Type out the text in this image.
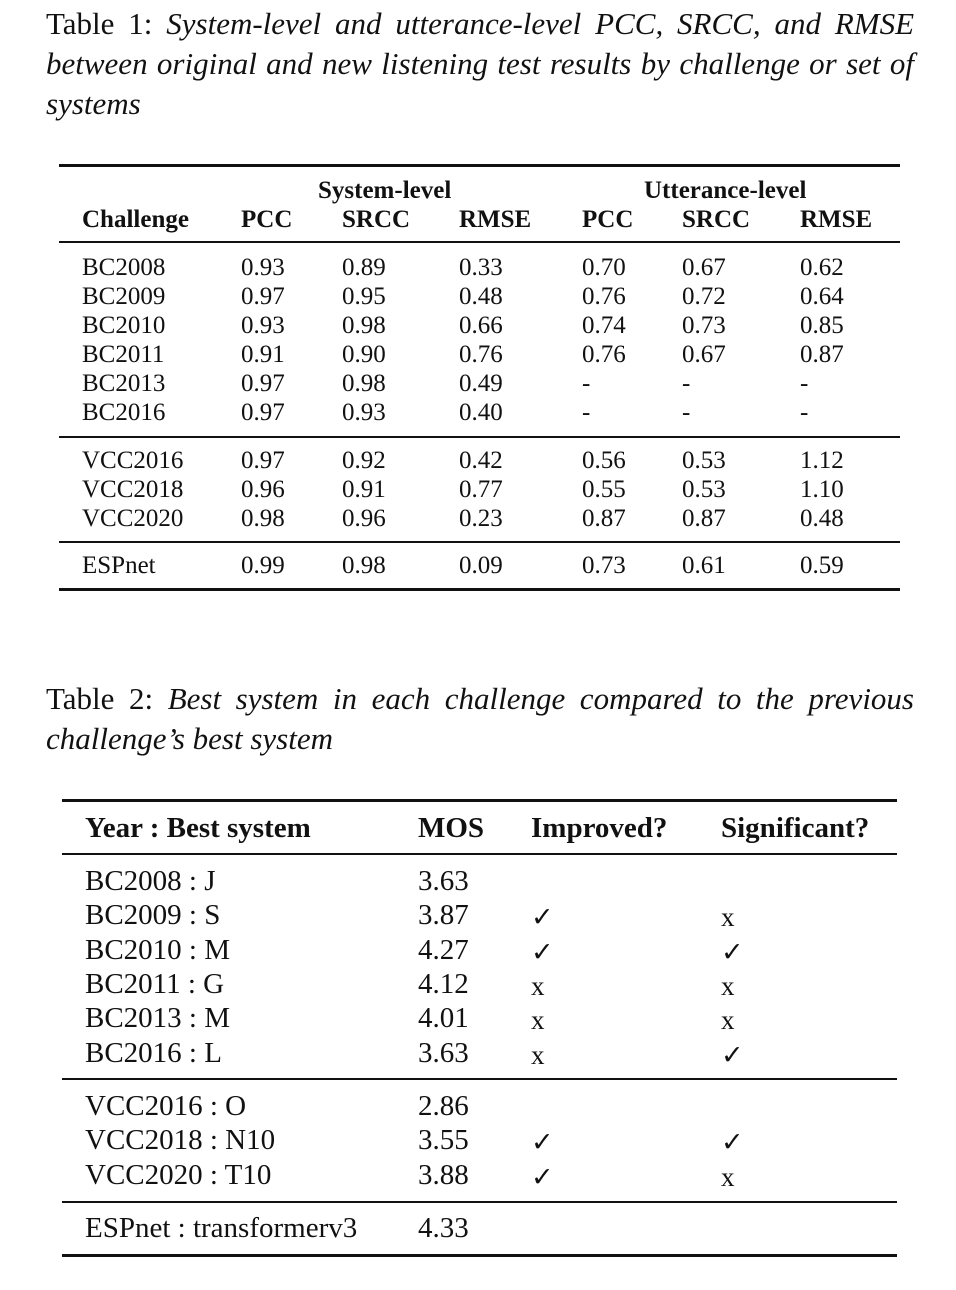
Table 1: System-level and utterance-level PCC, SRCC, and RMSE between original and new listening test results by challenge or set of systems
System-level	Utterance-level
Challenge PCC SRCC RMSE PCC SRCC RMSE
BC2008	0.93 0.89	0.33	0.70 0.67	0.62
BC2009	0.97 0.95	0.48	0.76 0.72	0.64
BC2010	0.93 0.98	0.66	0.74 0.73	0.85
BC2011	0.91 0.90	0.76	0.76 0.67	0.87
BC2013	0.97 0.98	0.49	-	-	-
BC2016	0.97 0.93	0.40	-	-	-
VCC2016 0.97 0.92	0.42	0.56 0.53	1.12
VCC2018 0.96 0.91	0.77	0.55 0.53	1.10
VCC2020 0.98 0.96	0.23	0.87 0.87	0.48
ESPnet	0.99 0.98	0.09	0.73 0.61	0.59
Table 2: Best system in each challenge compared to the previous challenge’s best system
Year : Best system	MOS Improved? Significant?
BC2008 : J	3.63
BC2009 : S	3.87 ✓	x
BC2010 : M	4.27 ✓	✓
BC2011 : G	4.12 x	x
BC2013 : M	4.01 x	x
BC2016 : L	3.63 x	✓
VCC2016 : O	2.86
VCC2018 : N10	3.55 ✓	✓
VCC2020 : T10	3.88 ✓	x
ESPnet : transformerv3 4.33
